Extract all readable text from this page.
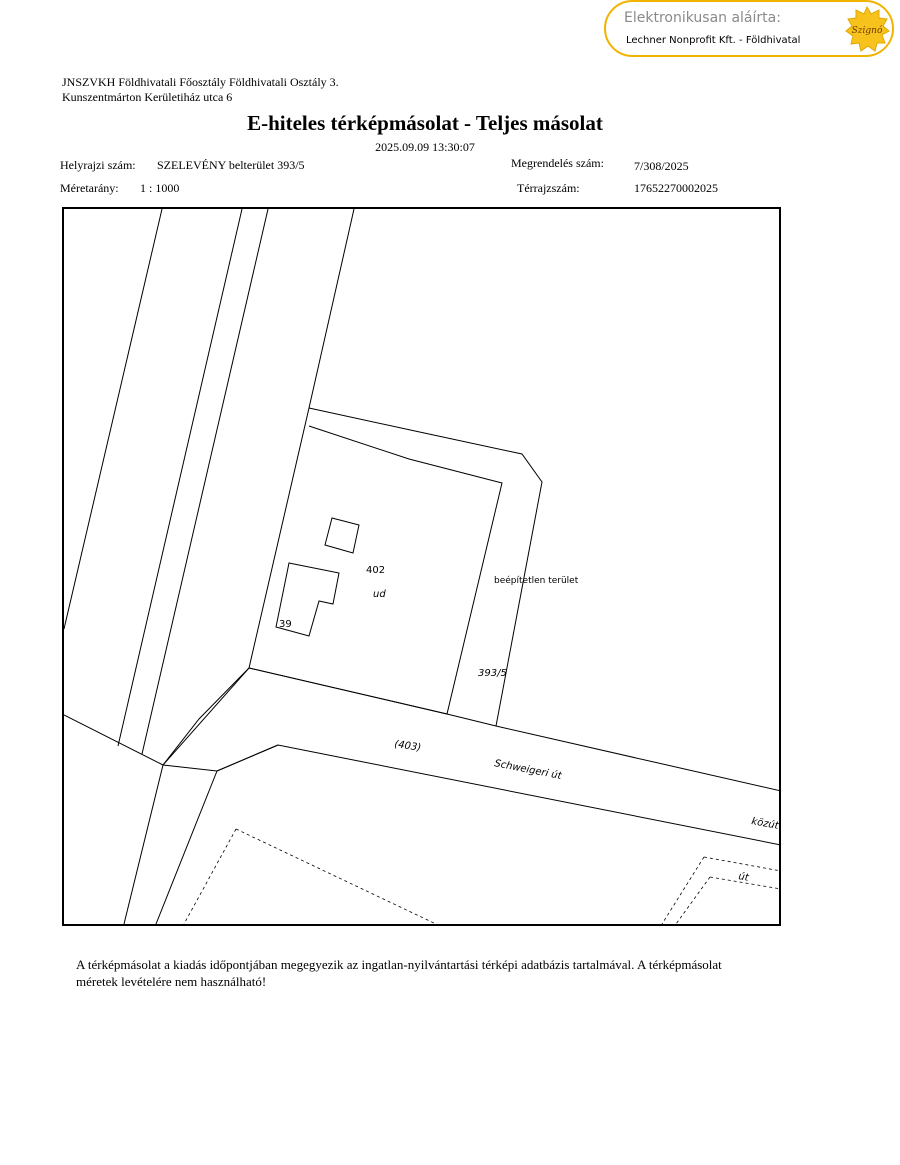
Elektronikusan aláírta:
Lechner Nonprofit Kft. - Földhivatal
Szignó
JNSZVKH Földhivatali Főosztály Földhivatali Osztály 3.
Kunszentmárton Kerületiház utca 6
E-hiteles térképmásolat - Teljes másolat
2025.09.09 13:30:07
Helyrajzi szám: SZELEVÉNY belterület 393/5	Megrendelés szám:	7/308/2025
Méretarány: 1 : 1000	Térrajzszám:	17652270002025
402
ud
39
beépítetlen terület
393/5
(403)
Schweigeri út
közút
út
A térképmásolat a kiadás időpontjában megegyezik az ingatlan-nyilvántartási térképi adatbázis tartalmával. A térképmásolat méretek levételére nem használható!
